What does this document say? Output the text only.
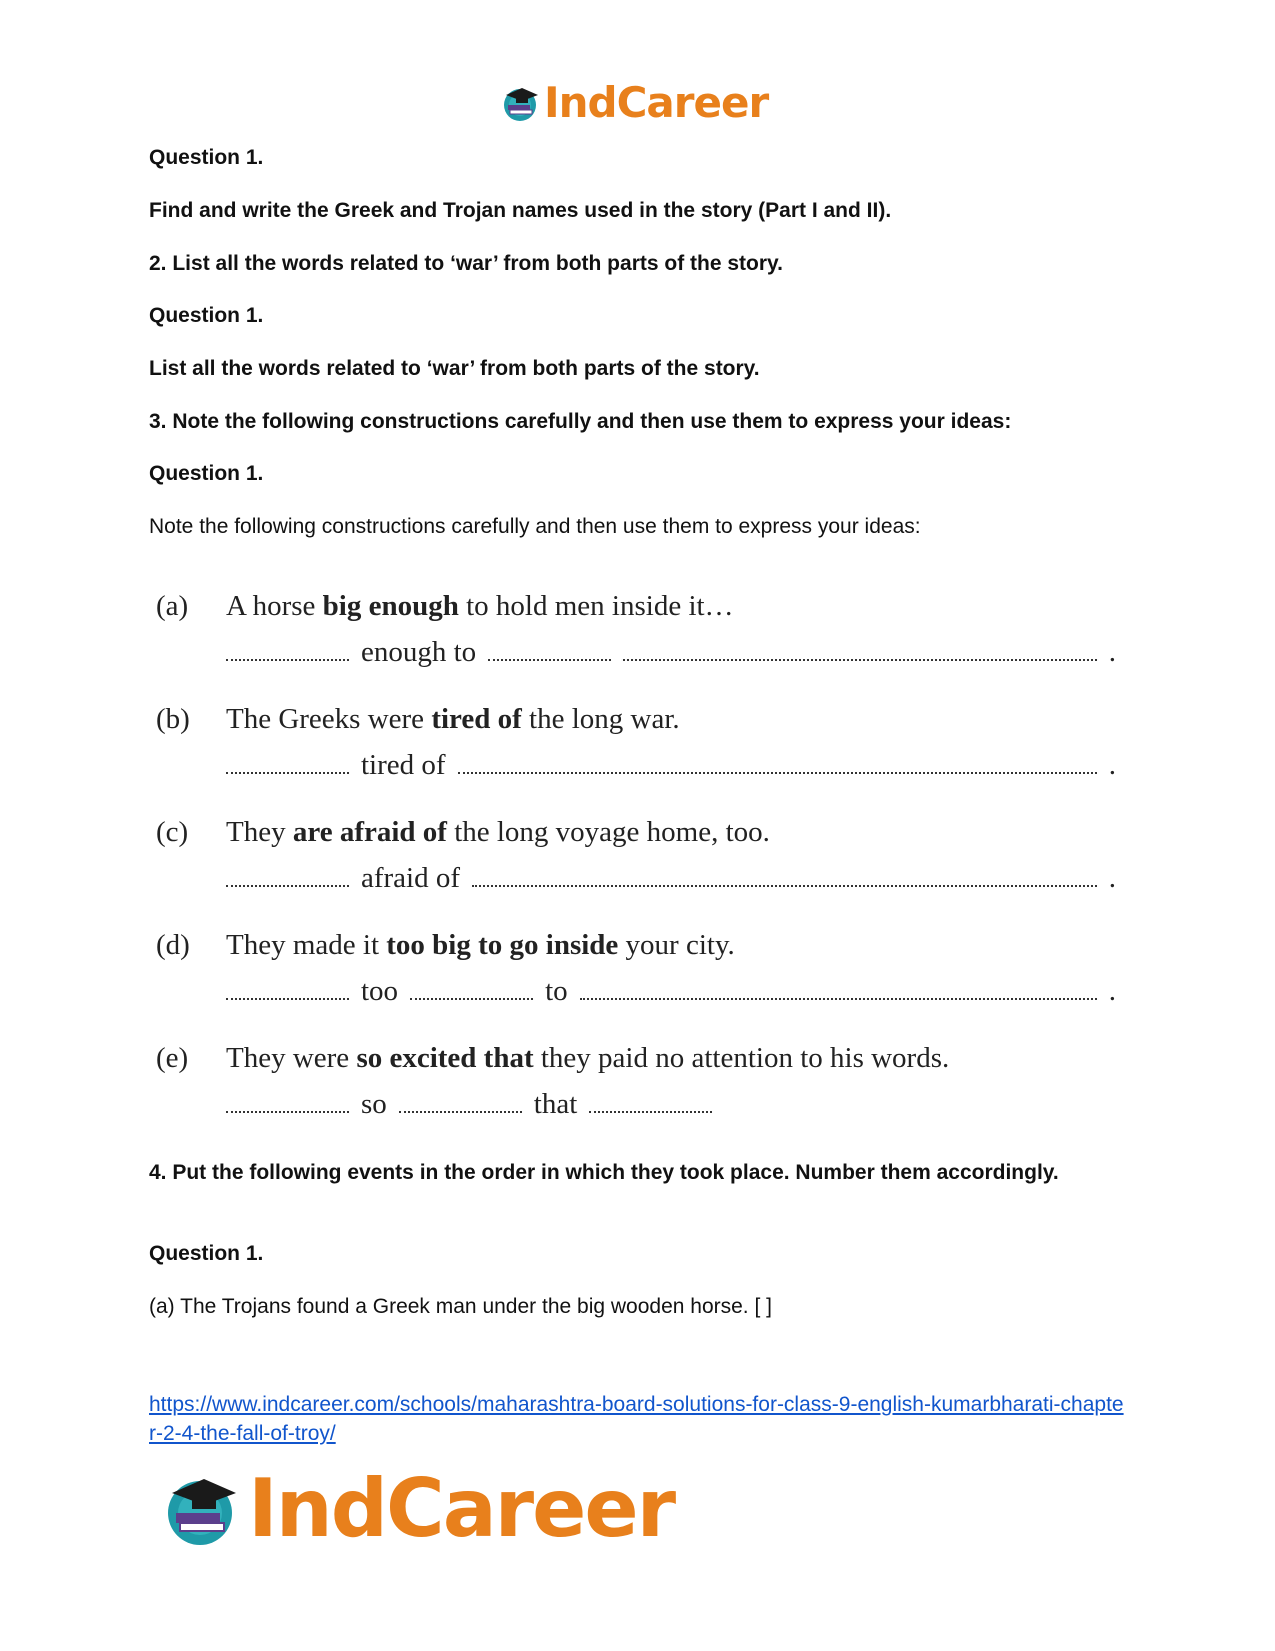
IndCareer
Question 1.
Find and write the Greek and Trojan names used in the story (Part I and II).
2. List all the words related to ‘war’ from both parts of the story.
Question 1.
List all the words related to ‘war’ from both parts of the story.
3. Note the following constructions carefully and then use them to express your ideas:
Question 1.
Note the following constructions carefully and then use them to express your ideas:
(a) A horse big enough to hold men inside it…
enough to	.
(b) The Greeks were tired of the long war.
tired of	.
(c) They are afraid of the long voyage home, too.
afraid of	.
(d) They made it too big to go inside your city.
too	to	.
(e) They were so excited that they paid no attention to his words.
so	that
4. Put the following events in the order in which they took place. Number them accordingly.
Question 1.
(a) The Trojans found a Greek man under the big wooden horse. [ ]
https://www.indcareer.com/schools/maharashtra-board-solutions-for-class-9-english-kumarbharati-chapter-2-4-the-fall-of-troy/
IndCareer
